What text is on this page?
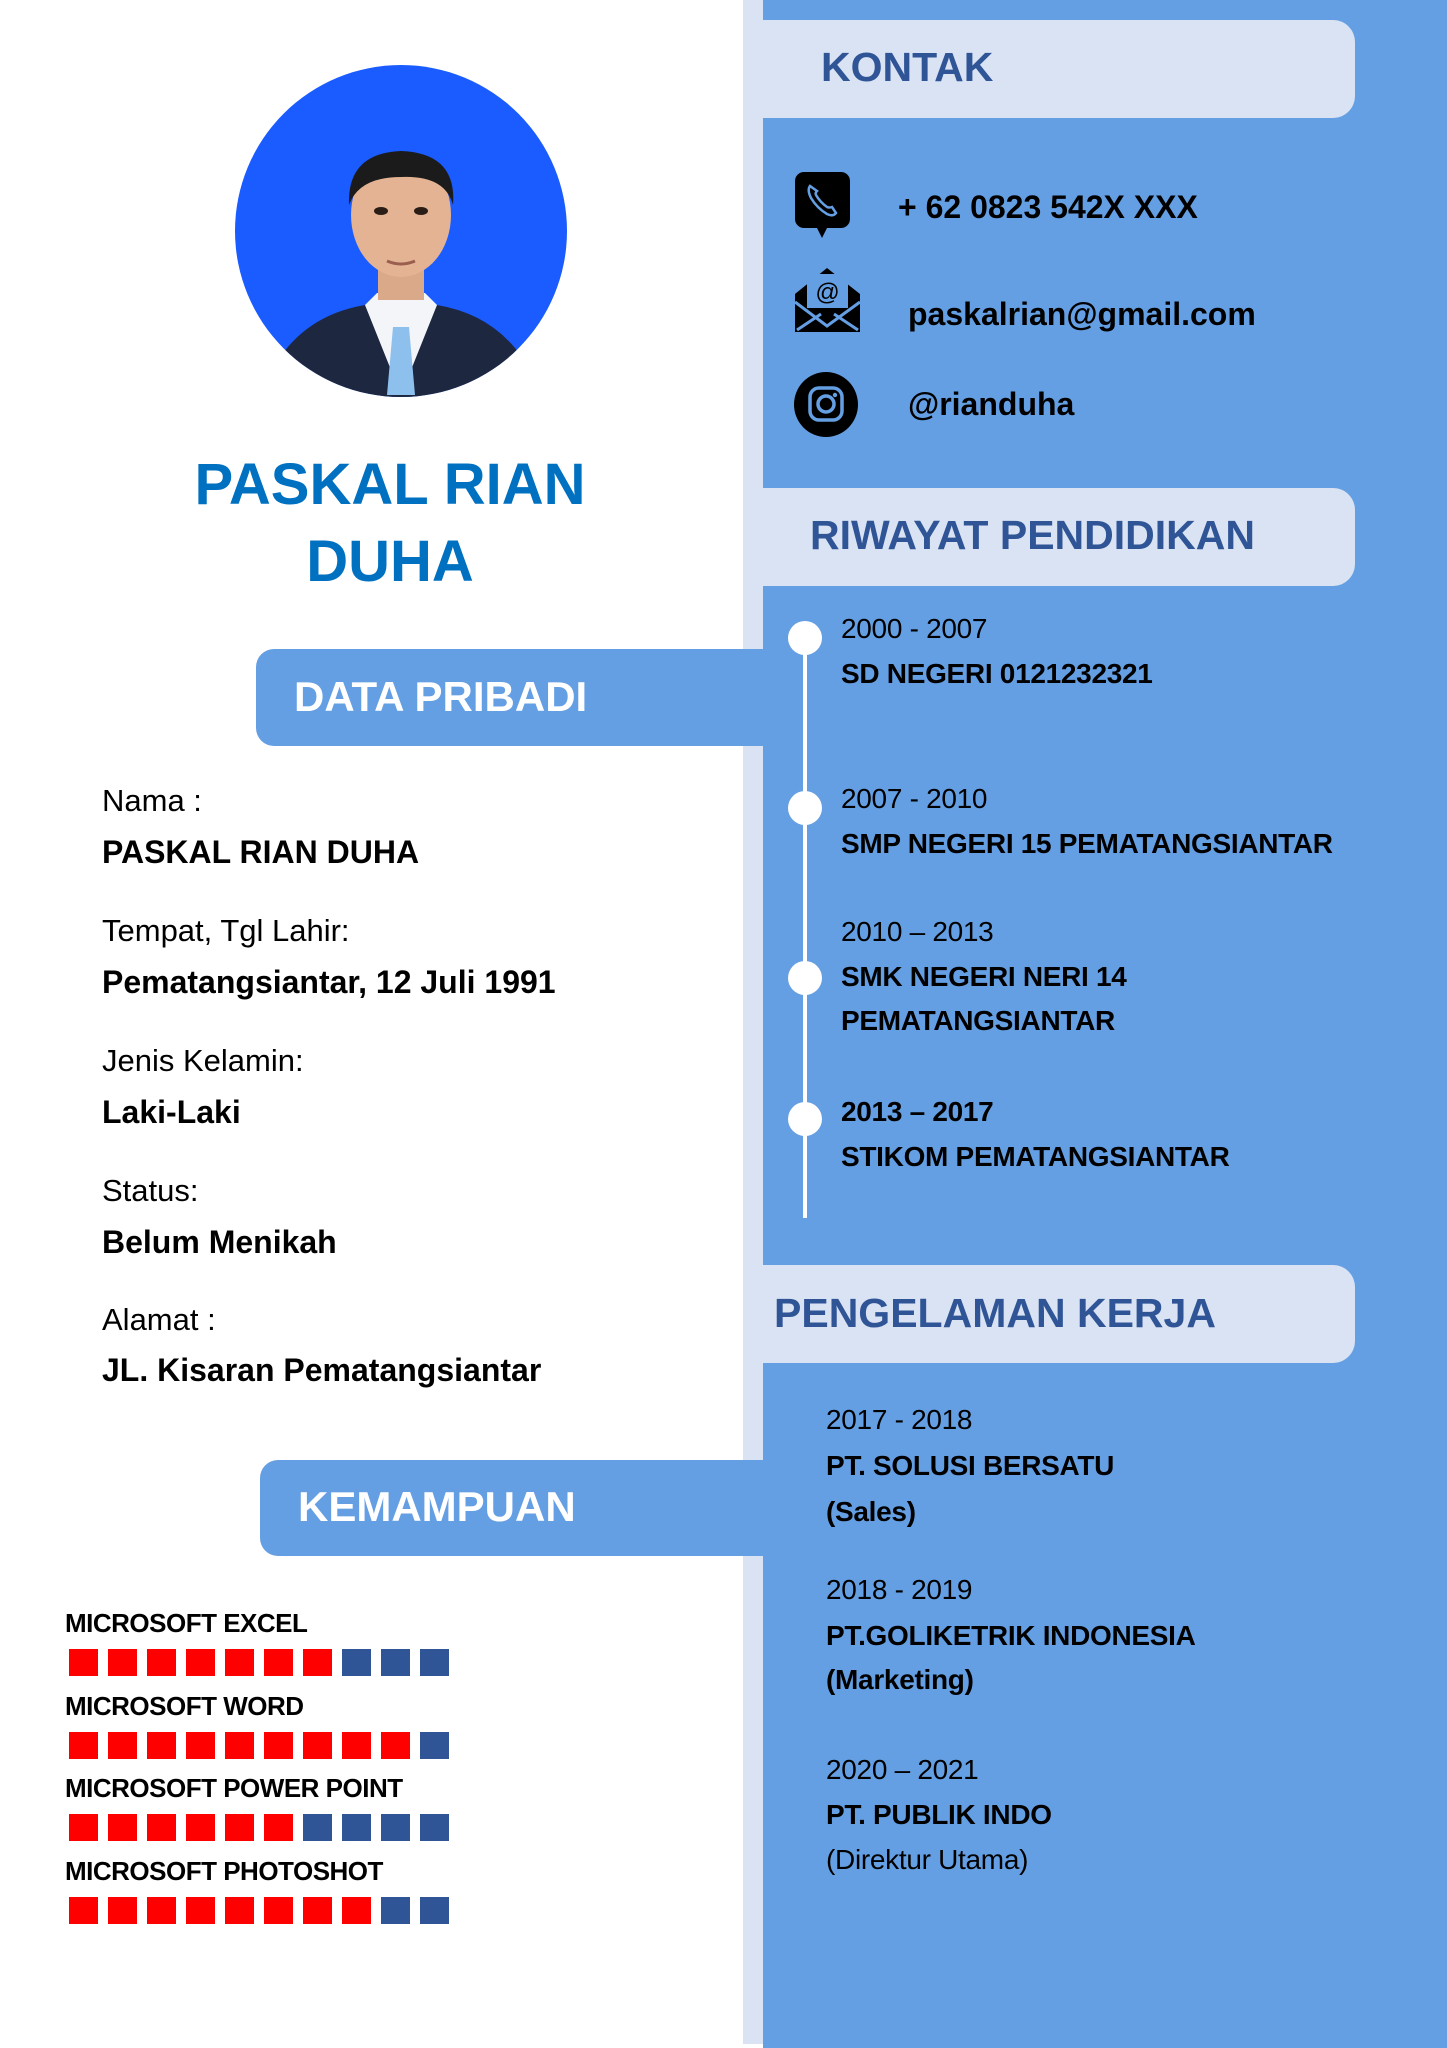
PASKAL RIAN
DUHA
DATA PRIBADI
Nama :
PASKAL RIAN DUHA
Tempat, Tgl Lahir:
Pematangsiantar, 12 Juli 1991
Jenis Kelamin:
Laki-Laki
Status:
Belum Menikah
Alamat :
JL. Kisaran Pematangsiantar
KEMAMPUAN
MICROSOFT EXCEL
MICROSOFT WORD
MICROSOFT POWER POINT
MICROSOFT PHOTOSHOT
KONTAK
+ 62 0823 542X XXX
@
paskalrian@gmail.com
@rianduha
RIWAYAT PENDIDIKAN
2000 - 2007
SD NEGERI 0121232321
2007 - 2010
SMP NEGERI 15 PEMATANGSIANTAR
2010 – 2013
SMK NEGERI NERI 14
PEMATANGSIANTAR
2013 – 2017
STIKOM PEMATANGSIANTAR
PENGELAMAN KERJA
2017 - 2018
PT. SOLUSI BERSATU
(Sales)
2018 - 2019
PT.GOLIKETRIK INDONESIA
(Marketing)
2020 – 2021
PT. PUBLIK INDO
(Direktur Utama)
